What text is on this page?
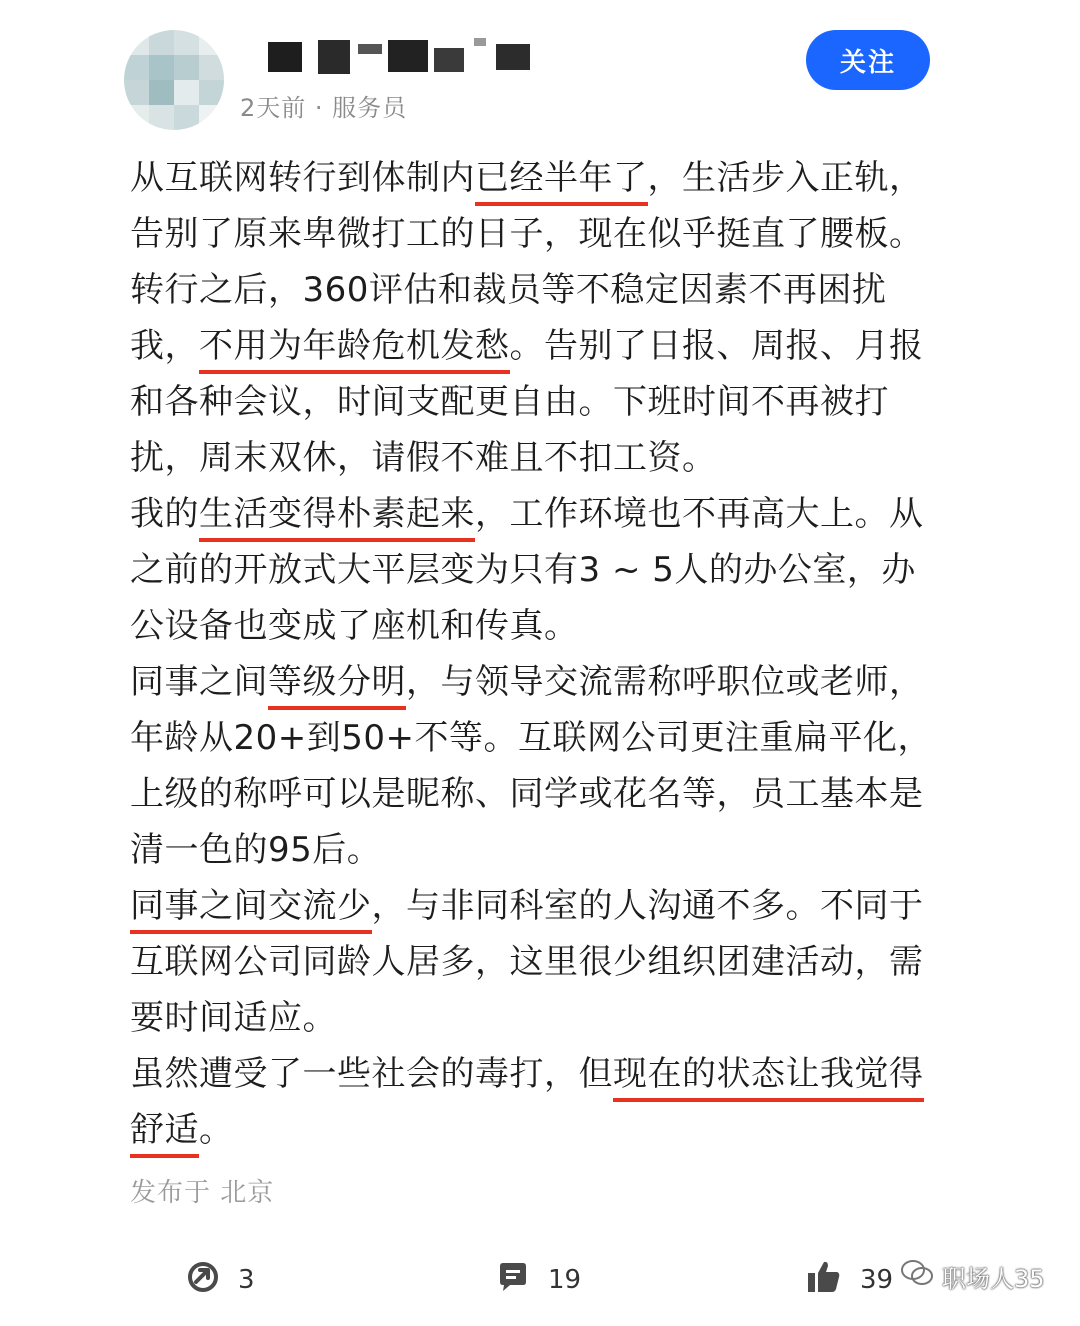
2天前 · 服务员
关注

从互联网转行到体制内已经半年了，生活步入正轨，告别了原来卑微打工的日子，现在似乎挺直了腰板。

转行之后，360评估和裁员等不稳定因素不再困扰我，不用为年龄危机发愁。告别了日报、周报、月报和各种会议，时间支配更自由。下班时间不再被打扰，周末双休，请假不难且不扣工资。

我的生活变得朴素起来，工作环境也不再高大上。从之前的开放式大平层变为只有3 ~ 5人的办公室，办公设备也变成了座机和传真。

同事之间等级分明，与领导交流需称呼职位或老师，年龄从20+到50+不等。互联网公司更注重扁平化，上级的称呼可以是昵称、同学或花名等，员工基本是清一色的95后。

同事之间交流少，与非同科室的人沟通不多。不同于互联网公司同龄人居多，这里很少组织团建活动，需要时间适应。

虽然遭受了一些社会的毒打，但现在的状态让我觉得舒适。

发布于 北京
3	19	39 职场人35
